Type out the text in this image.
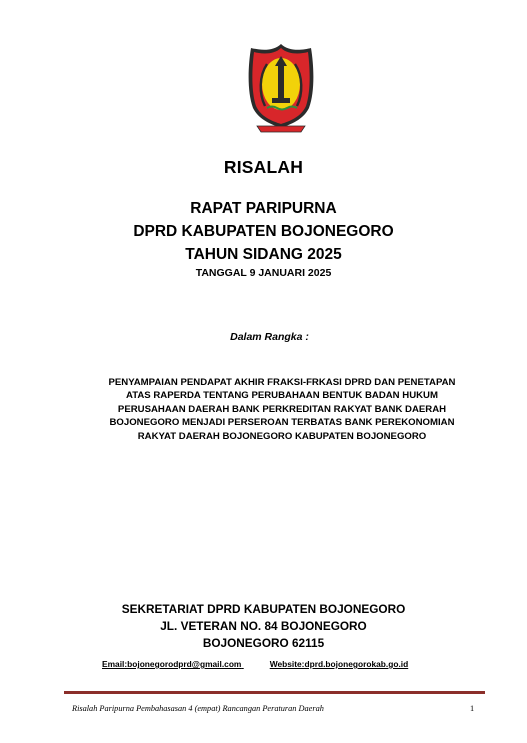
RISALAH
RAPAT PARIPURNA
DPRD KABUPATEN BOJONEGORO
TAHUN SIDANG 2025
TANGGAL 9 JANUARI 2025
Dalam Rangka :
PENYAMPAIAN PENDAPAT AKHIR FRAKSI-FRKASI DPRD DAN PENETAPAN
ATAS RAPERDA TENTANG PERUBAHAAN BENTUK BADAN HUKUM
PERUSAHAAN DAERAH BANK PERKREDITAN RAKYAT BANK DAERAH
BOJONEGORO MENJADI PERSEROAN TERBATAS BANK PEREKONOMIAN
RAKYAT DAERAH BOJONEGORO KABUPATEN BOJONEGORO
SEKRETARIAT DPRD KABUPATEN BOJONEGORO
JL. VETERAN NO. 84 BOJONEGORO
BOJONEGORO 62115
Email:bojonegorodprd@gmail.com	Website:dprd.bojonegorokab.go.id
Risalah Paripurna Pembahasasan 4 (empat) Rancangan Peraturan Daerah	1
